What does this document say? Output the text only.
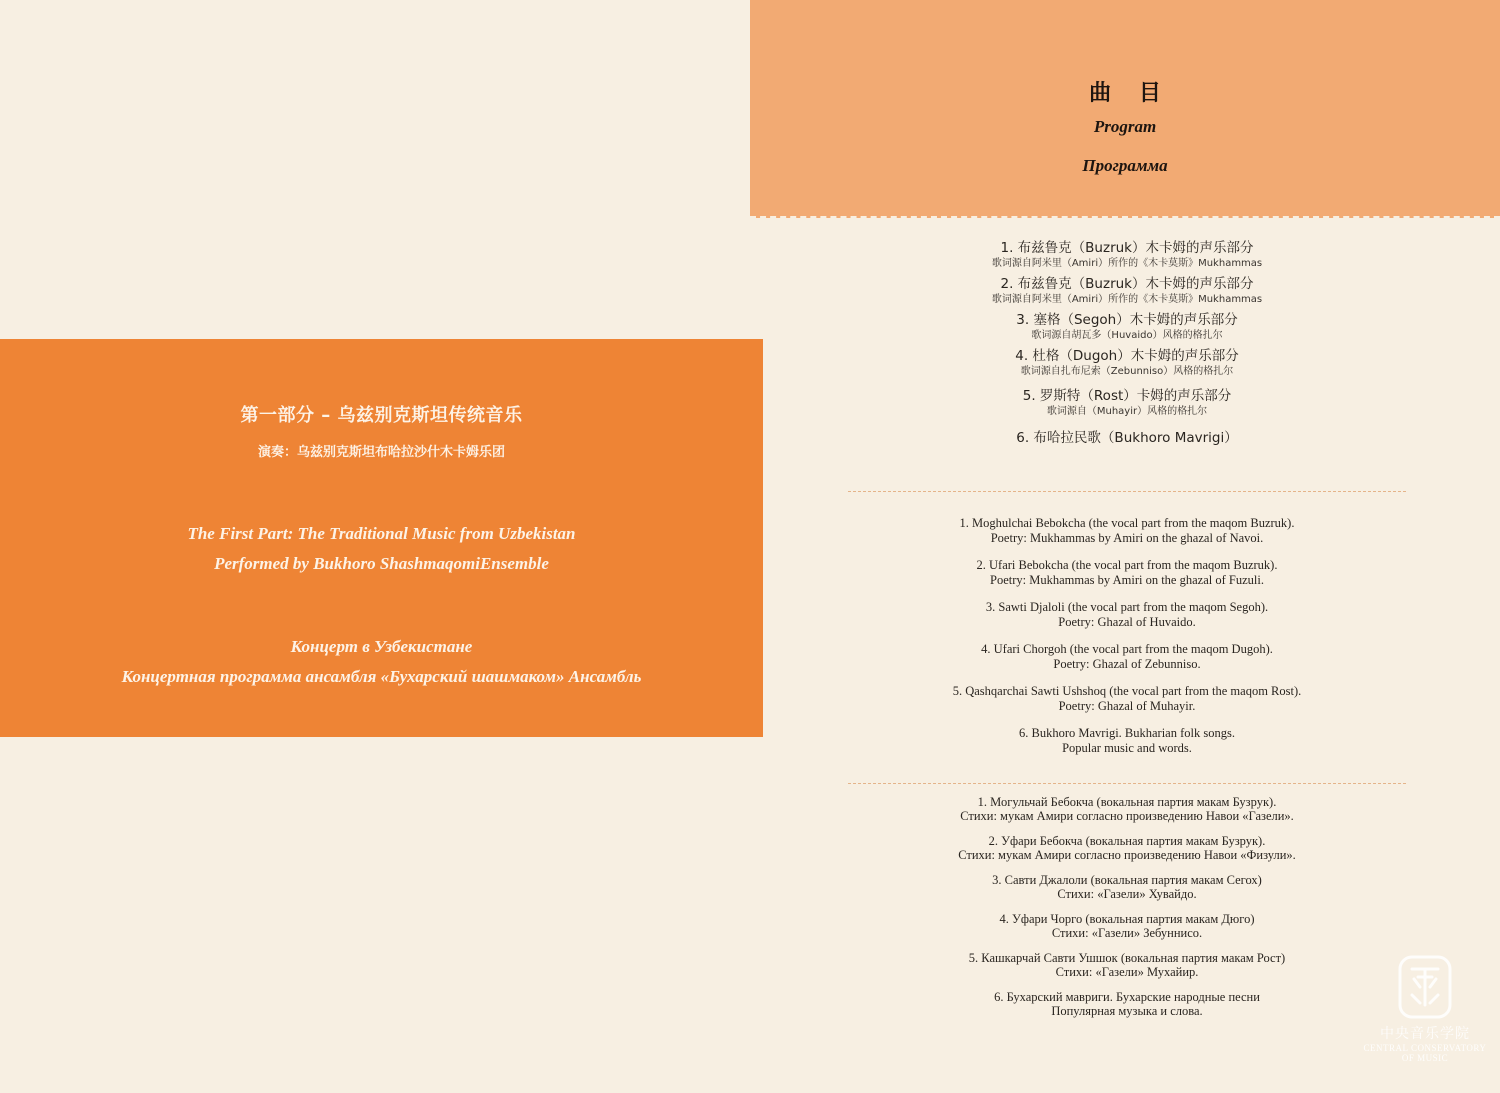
第一部分 – 乌兹别克斯坦传统音乐
演奏：乌兹别克斯坦布哈拉沙什木卡姆乐团
The First Part: The Traditional Music from Uzbekistan
Performed by Bukhoro ShashmaqomiEnsemble
Концерт в Узбекистане
Концертная программа ансамбля «Бухарский шашмаком» Ансамбль
曲 目
Program
Программа
1. 布兹鲁克（Buzruk）木卡姆的声乐部分
歌词源自阿米里（Amiri）所作的《木卡莫斯》Mukhammas
2. 布兹鲁克（Buzruk）木卡姆的声乐部分
歌词源自阿米里（Amiri）所作的《木卡莫斯》Mukhammas
3. 塞格（Segoh）木卡姆的声乐部分
歌词源自胡瓦多（Huvaido）风格的格扎尔
4. 杜格（Dugoh）木卡姆的声乐部分
歌词源自扎布尼索（Zebunniso）风格的格扎尔
5. 罗斯特（Rost）卡姆的声乐部分
歌词源自（Muhayir）风格的格扎尔
6. 布哈拉民歌（Bukhoro Mavrigi）
1. Moghulchai Bebokcha (the vocal part from the maqom Buzruk).
Poetry: Mukhammas by Amiri on the ghazal of Navoi.
2. Ufari Bebokcha (the vocal part from the maqom Buzruk).
Poetry: Mukhammas by Amiri on the ghazal of Fuzuli.
3. Sawti Djaloli (the vocal part from the maqom Segoh).
Poetry: Ghazal of Huvaido.
4. Ufari Chorgoh (the vocal part from the maqom Dugoh).
Poetry: Ghazal of Zebunniso.
5. Qashqarchai Sawti Ushshoq (the vocal part from the maqom Rost).
Poetry: Ghazal of Muhayir.
6. Bukhoro Mavrigi. Bukharian folk songs.
Popular music and words.
1. Могульчай Бебокча (вокальная партия макам Бузрук).
Стихи: мукам Амири согласно произведению Навои «Газели».
2. Уфари Бебокча (вокальная партия макам Бузрук).
Стихи: мукам Амири согласно произведению Навои «Физули».
3. Савти Джалоли (вокальная партия макам Сегох)
Стихи: «Газели» Хувайдо.
4. Уфари Чорго (вокальная партия макам Дюго)
Стихи: «Газели» Зебуннисо.
5. Кашкарчай Савти Ушшок (вокальная партия макам Рост)
Стихи: «Газели» Мухайир.
6. Бухарский мавриги. Бухарские народные песни
Популярная музыка и слова.
中央音乐学院
CENTRAL CONSERVATORY
OF MUSIC
